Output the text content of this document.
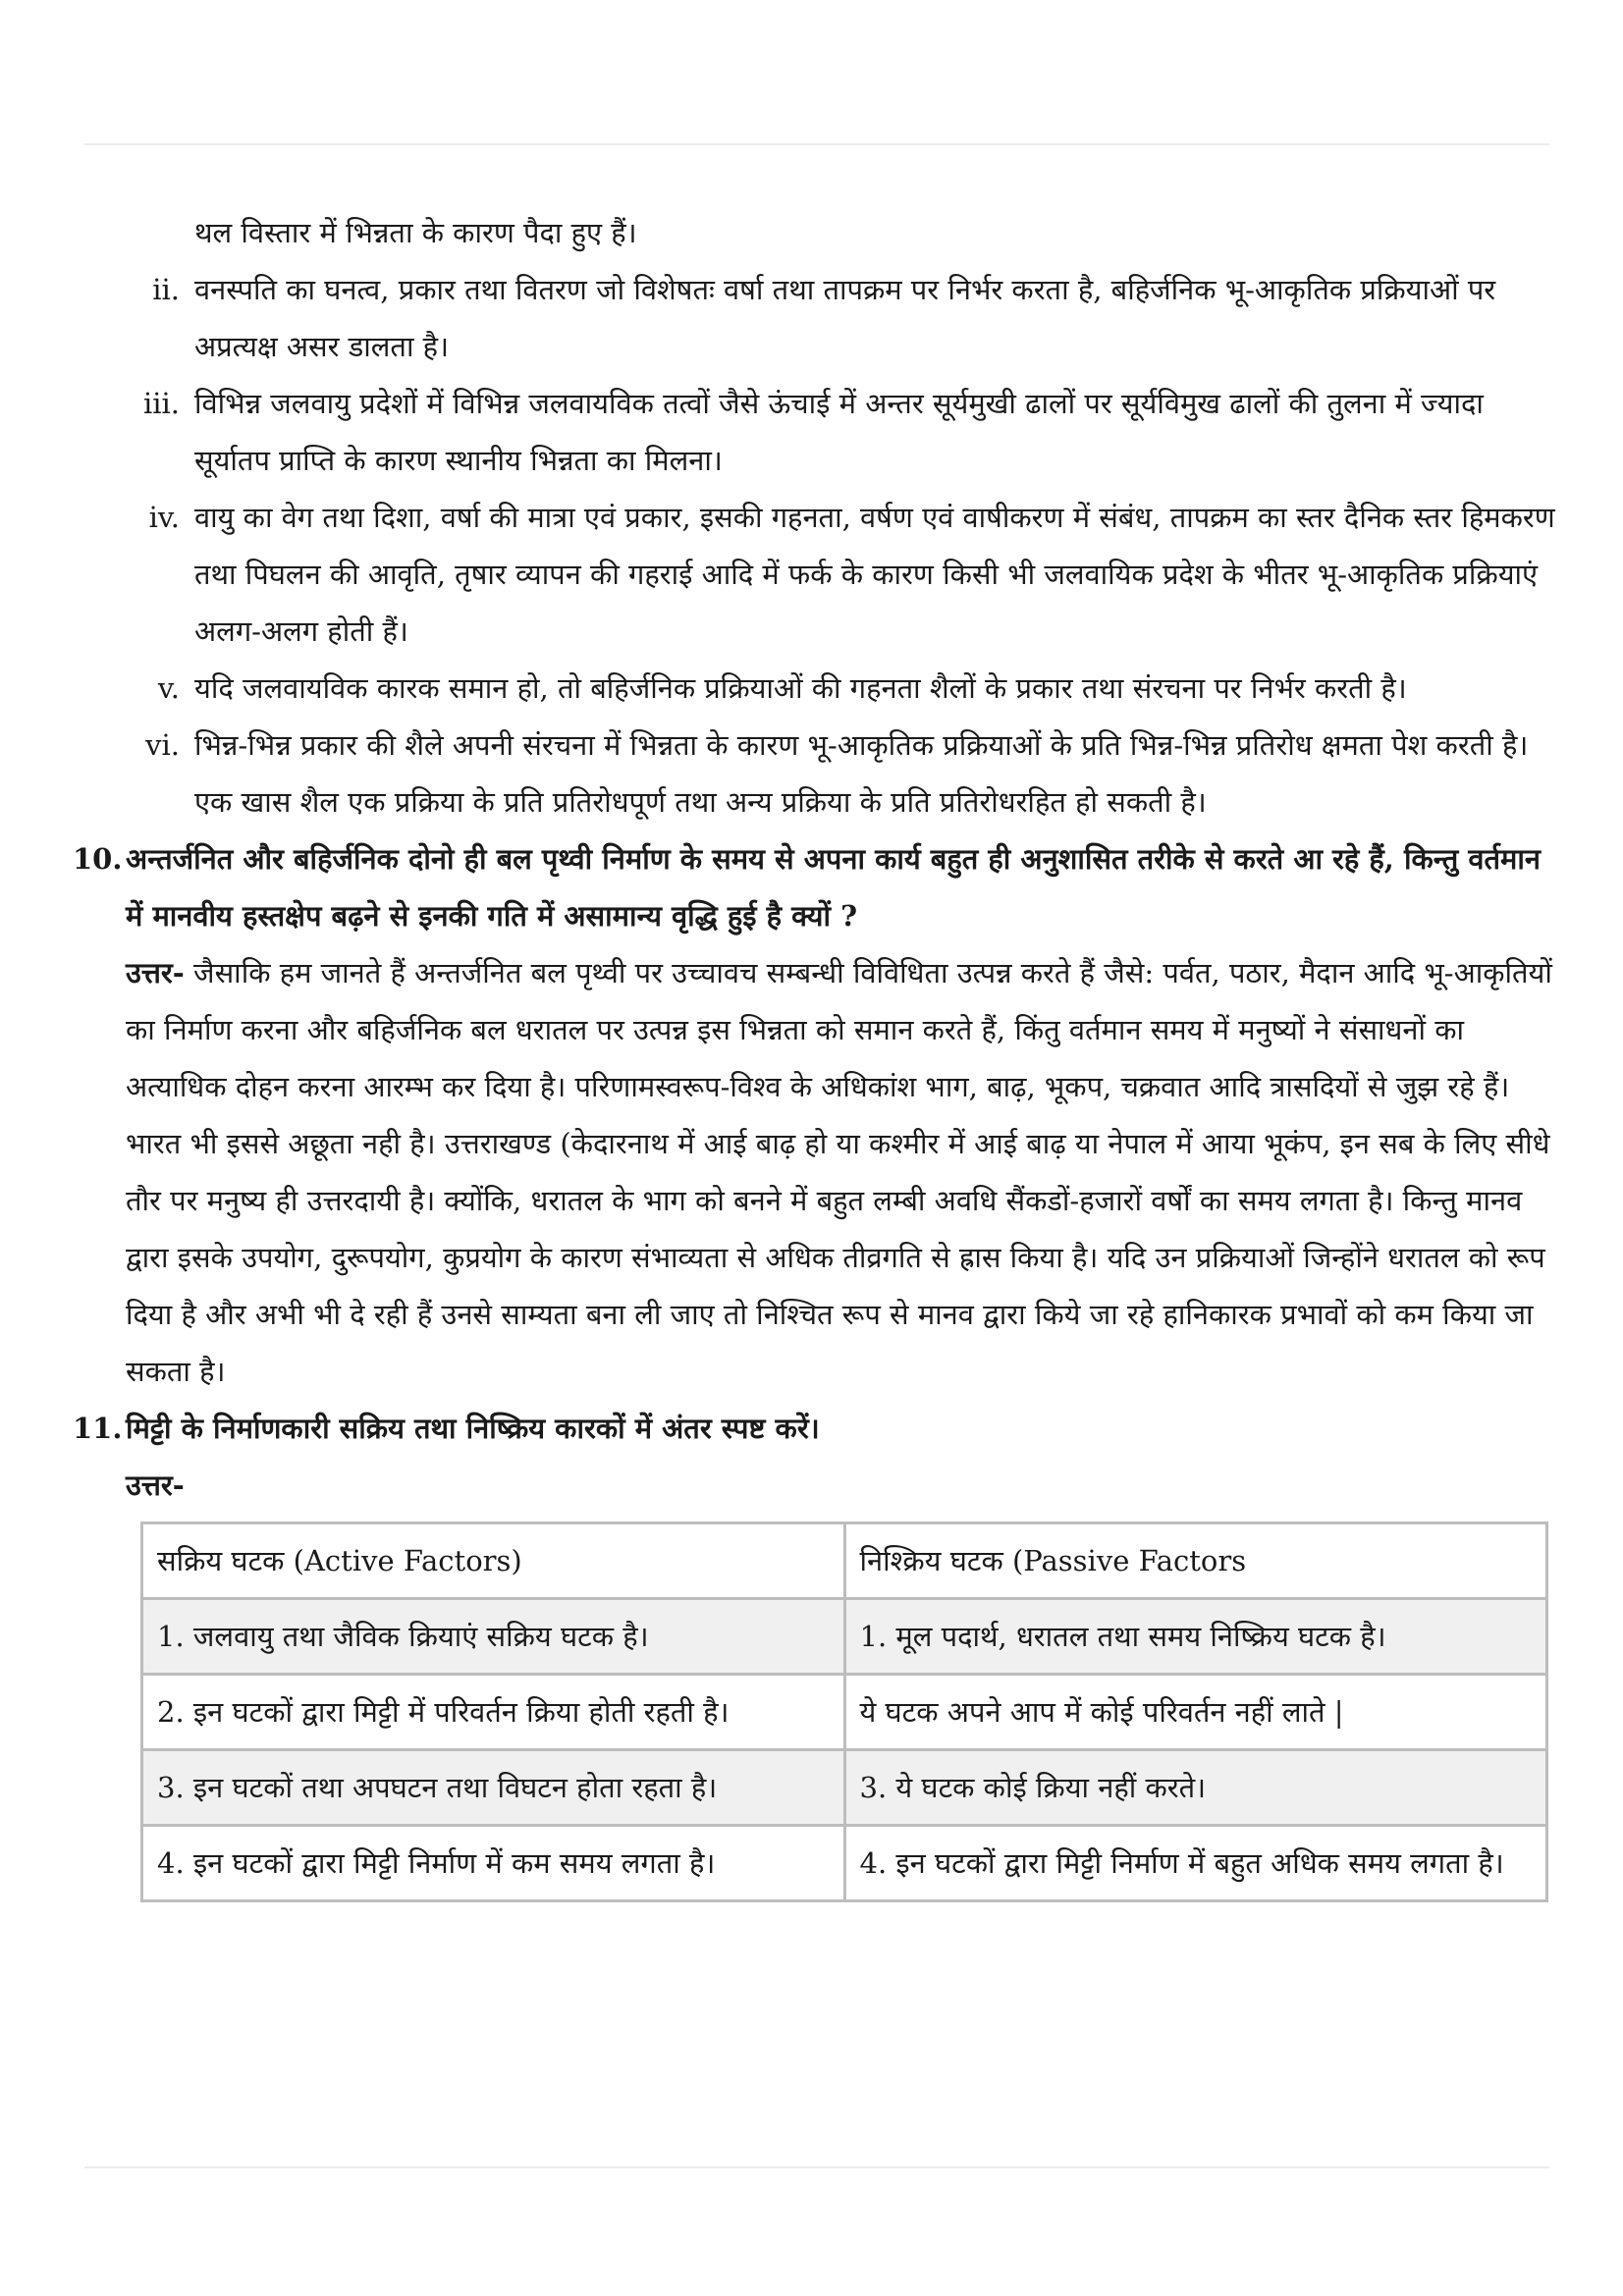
थल विस्तार में भिन्नता के कारण पैदा हुए हैं।

ii. वनस्पति का घनत्व, प्रकार तथा वितरण जो विशेषतः वर्षा तथा तापक्रम पर निर्भर करता है, बहिर्जनिक भू-आकृतिक प्रक्रियाओं पर अप्रत्यक्ष असर डालता है।

iii. विभिन्न जलवायु प्रदेशों में विभिन्न जलवायविक तत्वों जैसे ऊंचाई में अन्तर सूर्यमुखी ढालों पर सूर्यविमुख ढालों की तुलना में ज्यादा सूर्यातप प्राप्ति के कारण स्थानीय भिन्नता का मिलना।

iv. वायु का वेग तथा दिशा, वर्षा की मात्रा एवं प्रकार, इसकी गहनता, वर्षण एवं वाषीकरण में संबंध, तापक्रम का स्तर दैनिक स्तर हिमकरण तथा पिघलन की आवृति, तृषार व्यापन की गहराई आदि में फर्क के कारण किसी भी जलवायिक प्रदेश के भीतर भू-आकृतिक प्रक्रियाएं अलग-अलग होती हैं।

v. यदि जलवायविक कारक समान हो, तो बहिर्जनिक प्रक्रियाओं की गहनता शैलों के प्रकार तथा संरचना पर निर्भर करती है।

vi. भिन्न-भिन्न प्रकार की शैले अपनी संरचना में भिन्नता के कारण भू-आकृतिक प्रक्रियाओं के प्रति भिन्न-भिन्न प्रतिरोध क्षमता पेश करती है। एक खास शैल एक प्रक्रिया के प्रति प्रतिरोधपूर्ण तथा अन्य प्रक्रिया के प्रति प्रतिरोधरहित हो सकती है।

10. अन्तर्जनित और बहिर्जनिक दोनो ही बल पृथ्वी निर्माण के समय से अपना कार्य बहुत ही अनुशासित तरीके से करते आ रहे हैं, किन्तु वर्तमान में मानवीय हस्तक्षेप बढ़ने से इनकी गति में असामान्य वृद्धि हुई है क्यों ?

उत्तर- जैसाकि हम जानते हैं अन्तर्जनित बल पृथ्वी पर उच्चावच सम्बन्धी विविधिता उत्पन्न करते हैं जैसे: पर्वत, पठार, मैदान आदि भू-आकृतियों का निर्माण करना और बहिर्जनिक बल धरातल पर उत्पन्न इस भिन्नता को समान करते हैं, किंतु वर्तमान समय में मनुष्यों ने संसाधनों का अत्याधिक दोहन करना आरम्भ कर दिया है। परिणामस्वरूप-विश्व के अधिकांश भाग, बाढ़, भूकप, चक्रवात आदि त्रासदियों से जुझ रहे हैं। भारत भी इससे अछूता नही है। उत्तराखण्ड (केदारनाथ में आई बाढ़ हो या कश्मीर में आई बाढ़ या नेपाल में आया भूकंप, इन सब के लिए सीधे तौर पर मनुष्य ही उत्तरदायी है। क्योंकि, धरातल के भाग को बनने में बहुत लम्बी अवधि सैंकडों-हजारों वर्षों का समय लगता है। किन्तु मानव द्वारा इसके उपयोग, दुरूपयोग, कुप्रयोग के कारण संभाव्यता से अधिक तीव्रगति से ह्रास किया है। यदि उन प्रक्रियाओं जिन्होंने धरातल को रूप दिया है और अभी भी दे रही हैं उनसे साम्यता बना ली जाए तो निश्चित रूप से मानव द्वारा किये जा रहे हानिकारक प्रभावों को कम किया जा सकता है।

11. मिट्टी के निर्माणकारी सक्रिय तथा निष्क्रिय कारकों में अंतर स्पष्ट करें।

उत्तर-

सक्रिय घटक (Active Factors)	निश्क्रिय घटक (Passive Factors
1. जलवायु तथा जैविक क्रियाएं सक्रिय घटक है।	1. मूल पदार्थ, धरातल तथा समय निष्क्रिय घटक है।
2. इन घटकों द्वारा मिट्टी में परिवर्तन क्रिया होती रहती है।	ये घटक अपने आप में कोई परिवर्तन नहीं लाते |
3. इन घटकों तथा अपघटन तथा विघटन होता रहता है।	3. ये घटक कोई क्रिया नहीं करते।
4. इन घटकों द्वारा मिट्टी निर्माण में कम समय लगता है।	4. इन घटकों द्वारा मिट्टी निर्माण में बहुत अधिक समय लगता है।
